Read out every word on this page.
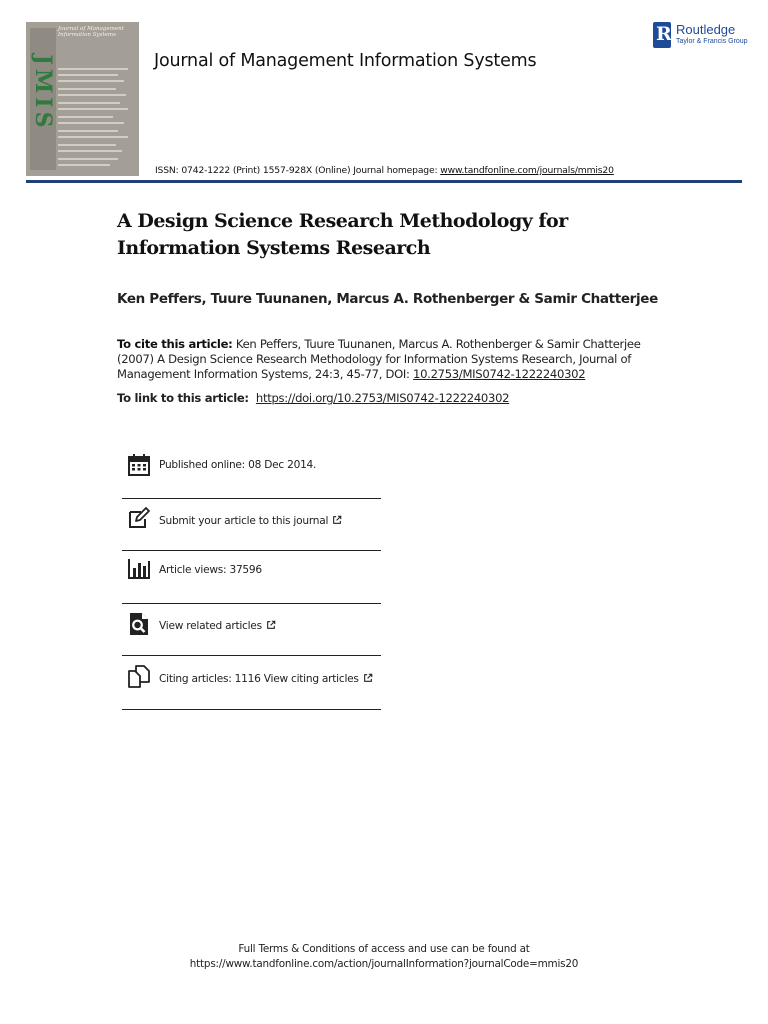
JMIS
Journal of Management
Information Systems
Journal of Management Information Systems
R
Routledge
Taylor & Francis Group
ISSN: 0742-1222 (Print) 1557-928X (Online) Journal homepage: www.tandfonline.com/journals/mmis20
A Design Science Research Methodology for Information Systems Research
Ken Peffers, Tuure Tuunanen, Marcus A. Rothenberger & Samir Chatterjee
To cite this article: Ken Peffers, Tuure Tuunanen, Marcus A. Rothenberger & Samir Chatterjee (2007) A Design Science Research Methodology for Information Systems Research, Journal of Management Information Systems, 24:3, 45-77, DOI: 10.2753/MIS0742-1222240302
To link to this article:  https://doi.org/10.2753/MIS0742-1222240302
Published online: 08 Dec 2014.
Submit your article to this journal
Article views: 37596
View related articles
Citing articles: 1116 View citing articles
Full Terms & Conditions of access and use can be found at
https://www.tandfonline.com/action/journalInformation?journalCode=mmis20
